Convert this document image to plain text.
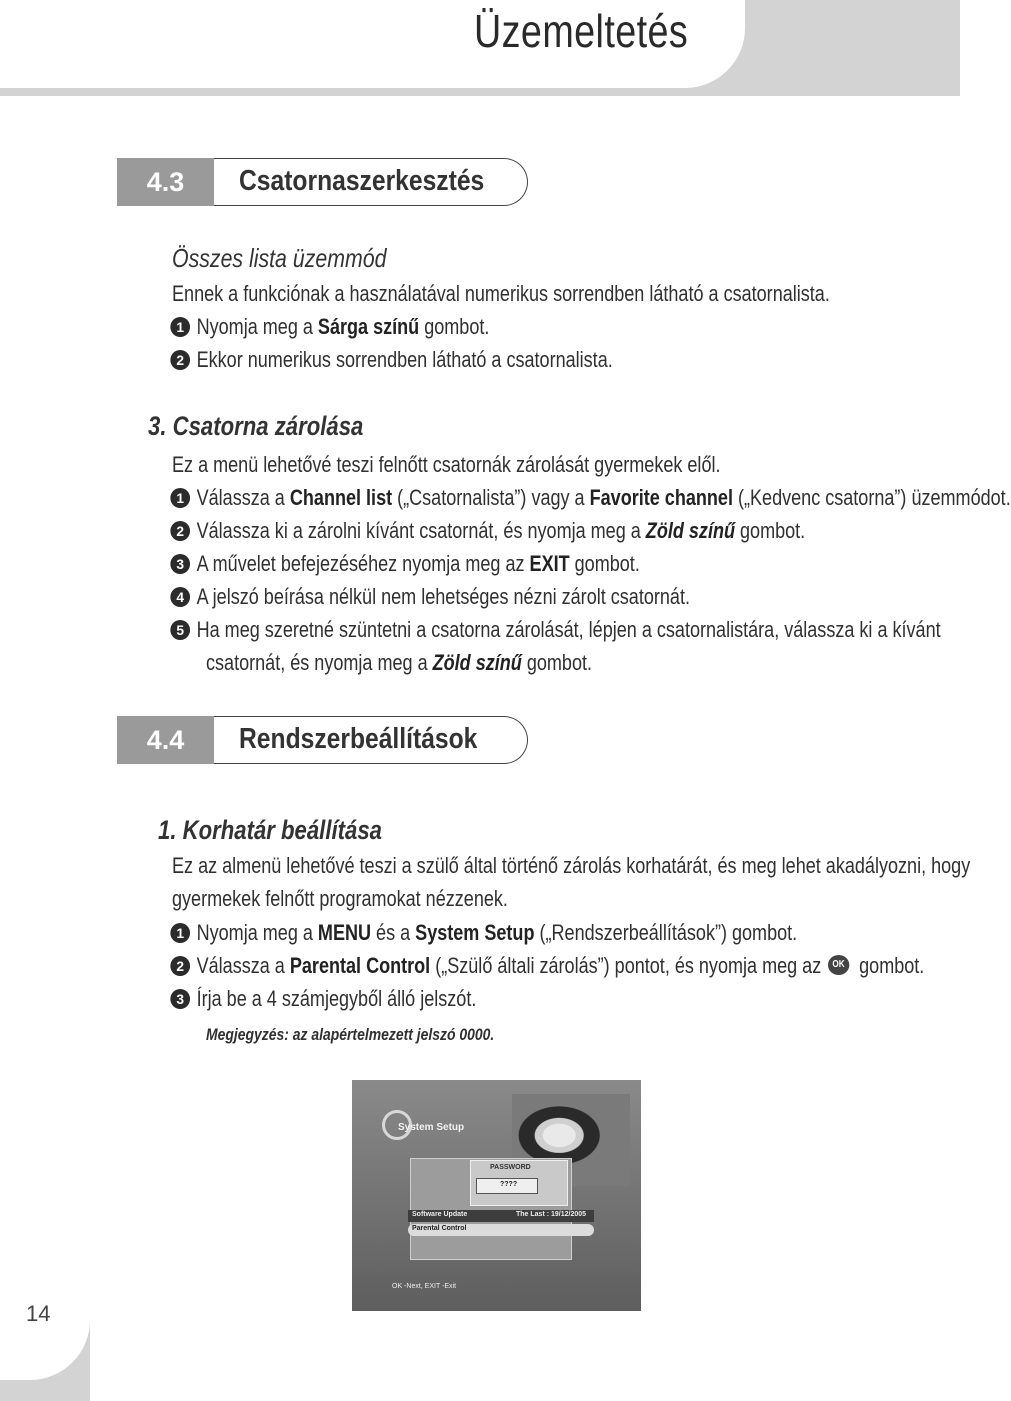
Üzemeltetés
4.3	Csatornaszerkesztés
Összes lista üzemmód
Ennek a funkciónak a használatával numerikus sorrendben látható a csatornalista.
1 Nyomja meg a Sárga színű gombot.
2 Ekkor numerikus sorrendben látható a csatornalista.
3. Csatorna zárolása
Ez a menü lehetővé teszi felnőtt csatornák zárolását gyermekek elől.
1 Válassza a Channel list („Csatornalista”) vagy a Favorite channel („Kedvenc csatorna”) üzemmódot.
2 Válassza ki a zárolni kívánt csatornát, és nyomja meg a Zöld színű gombot.
3 A művelet befejezéséhez nyomja meg az EXIT gombot.
4 A jelszó beírása nélkül nem lehetséges nézni zárolt csatornát.
5 Ha meg szeretné szüntetni a csatorna zárolását, lépjen a csatornalistára, válassza ki a kívánt
csatornát, és nyomja meg a Zöld színű gombot.
4.4	Rendszerbeállítások
1. Korhatár beállítása
Ez az almenü lehetővé teszi a szülő által történő zárolás korhatárát, és meg lehet akadályozni, hogy
gyermekek felnőtt programokat nézzenek.
1 Nyomja meg a MENU és a System Setup („Rendszerbeállítások”) gombot.
2 Válassza a Parental Control („Szülő általi zárolás”) pontot, és nyomja meg az OK gombot.
3 Írja be a 4 számjegyből álló jelszót.
Megjegyzés: az alapértelmezett jelszó 0000.
System Setup
PASSWORD
????
Software Update	The Last : 19/12/2005
Parental Control
OK -Next, EXIT -Exit
14
